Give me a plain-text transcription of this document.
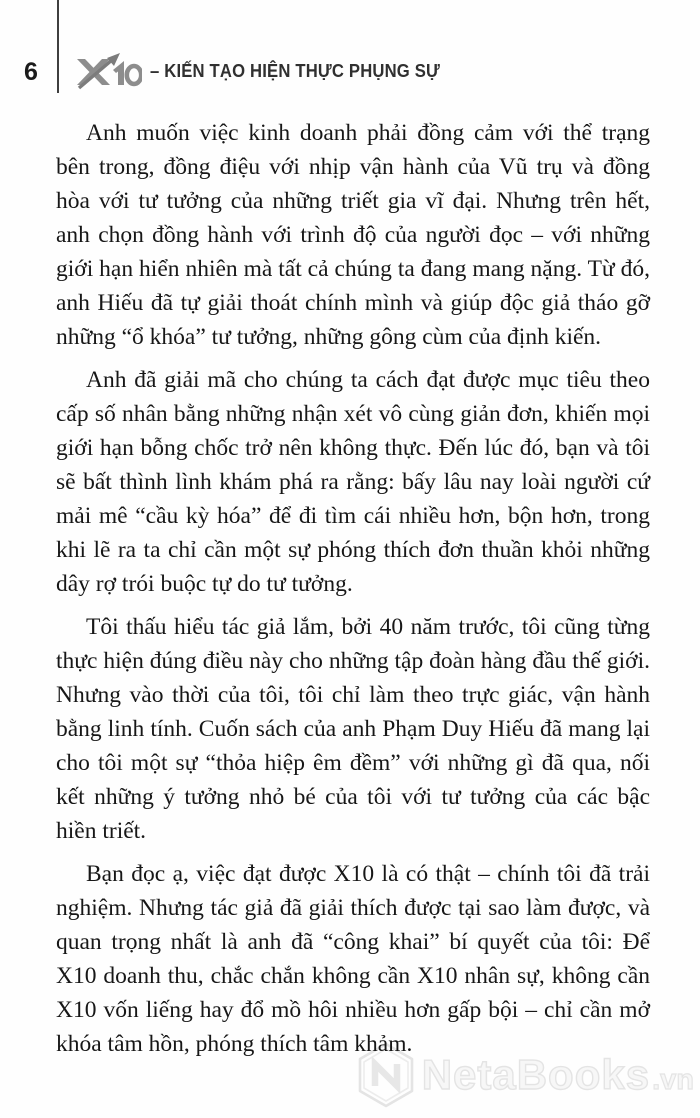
6	– KIẾN TẠO HIỆN THỰC PHỤNG SỰ

Anh muốn việc kinh doanh phải đồng cảm với thể trạng bên trong, đồng điệu với nhịp vận hành của Vũ trụ và đồng hòa với tư tưởng của những triết gia vĩ đại. Nhưng trên hết, anh chọn đồng hành với trình độ của người đọc – với những giới hạn hiển nhiên mà tất cả chúng ta đang mang nặng. Từ đó, anh Hiếu đã tự giải thoát chính mình và giúp độc giả tháo gỡ những “ổ khóa” tư tưởng, những gông cùm của định kiến.

Anh đã giải mã cho chúng ta cách đạt được mục tiêu theo cấp số nhân bằng những nhận xét vô cùng giản đơn, khiến mọi giới hạn bỗng chốc trở nên không thực. Đến lúc đó, bạn và tôi sẽ bất thình lình khám phá ra rằng: bấy lâu nay loài người cứ mải mê “cầu kỳ hóa” để đi tìm cái nhiều hơn, bộn hơn, trong khi lẽ ra ta chỉ cần một sự phóng thích đơn thuần khỏi những dây rợ trói buộc tự do tư tưởng.

Tôi thấu hiểu tác giả lắm, bởi 40 năm trước, tôi cũng từng thực hiện đúng điều này cho những tập đoàn hàng đầu thế giới. Nhưng vào thời của tôi, tôi chỉ làm theo trực giác, vận hành bằng linh tính. Cuốn sách của anh Phạm Duy Hiếu đã mang lại cho tôi một sự “thỏa hiệp êm đềm” với những gì đã qua, nối kết những ý tưởng nhỏ bé của tôi với tư tưởng của các bậc hiền triết.

Bạn đọc ạ, việc đạt được X10 là có thật – chính tôi đã trải nghiệm. Nhưng tác giả đã giải thích được tại sao làm được, và quan trọng nhất là anh đã “công khai” bí quyết của tôi: Để X10 doanh thu, chắc chắn không cần X10 nhân sự, không cần X10 vốn liếng hay đổ mồ hôi nhiều hơn gấp bội – chỉ cần mở khóa tâm hồn, phóng thích tâm khảm.

NetaBooks .vn
